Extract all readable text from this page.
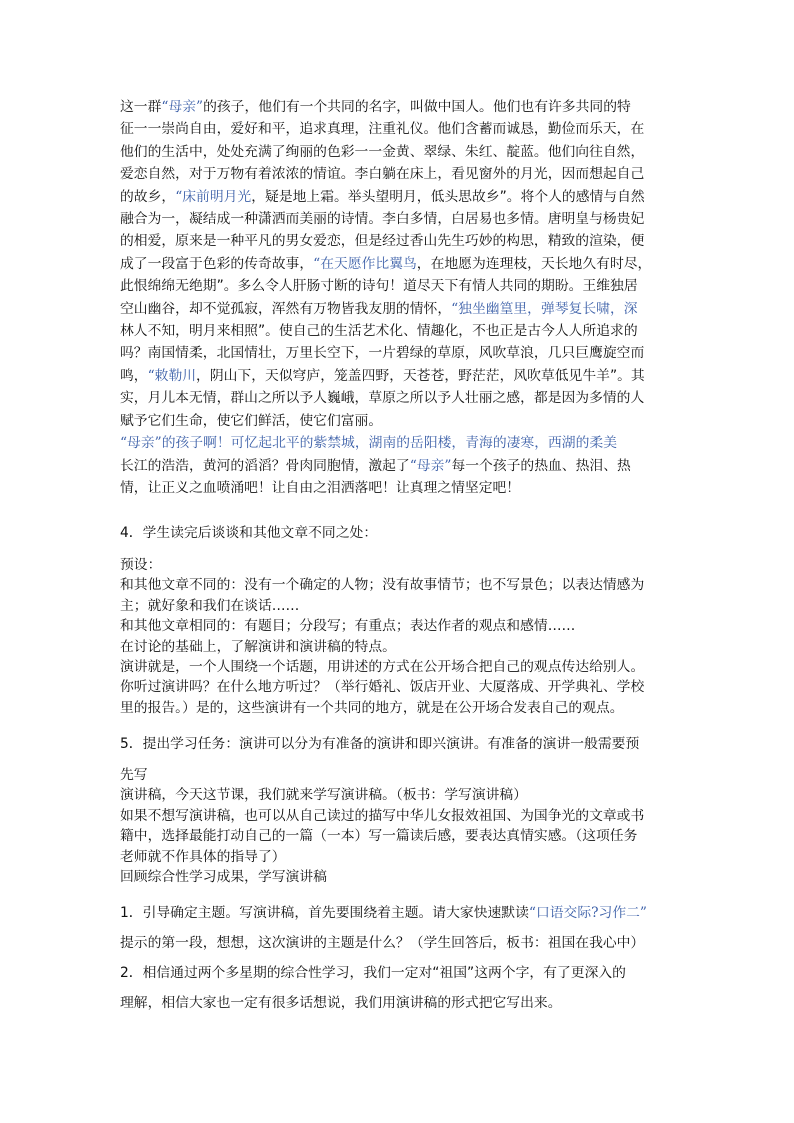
这一群“母亲”的孩子，他们有一个共同的名字，叫做中国人。他们也有许多共同的特
征一一崇尚自由，爱好和平，追求真理，注重礼仪。他们含蓄而诚恳，勤俭而乐天，在
他们的生活中，处处充满了绚丽的色彩一一金黄、翠绿、朱红、靛蓝。他们向往自然，
爱恋自然，对于万物有着浓浓的情谊。李白躺在床上，看见窗外的月光，因而想起自己
的故乡，“床前明月光，疑是地上霜。举头望明月，低头思故乡”。将个人的感情与自然
融合为一，凝结成一种潇洒而美丽的诗情。李白多情，白居易也多情。唐明皇与杨贵妃
的相爱，原来是一种平凡的男女爱恋，但是经过香山先生巧妙的构思，精致的渲染，便
成了一段富于色彩的传奇故事，“在天愿作比翼鸟，在地愿为连理枝，天长地久有时尽，
此恨绵绵无绝期”。多么令人肝肠寸断的诗句！道尽天下有情人共同的期盼。王维独居
空山幽谷，却不觉孤寂，浑然有万物皆我友朋的情怀，“独坐幽篁里，弹琴复长啸，深
林人不知，明月来相照”。使自己的生活艺术化、情趣化，不也正是古今人人所追求的
吗？南国情柔，北国情壮，万里长空下，一片碧绿的草原，风吹草浪，几只巨鹰旋空而
鸣，“敕勒川，阴山下，天似穹庐，笼盖四野，天苍苍，野茫茫，风吹草低见牛羊”。其
实，月儿本无情，群山之所以予人巍峨，草原之所以予人壮丽之感，都是因为多情的人
赋予它们生命，使它们鲜活，使它们富丽。
“母亲”的孩子啊！可忆起北平的紫禁城，湖南的岳阳楼，青海的凄寒，西湖的柔美
长江的浩浩，黄河的滔滔？骨肉同胞情，激起了“母亲”每一个孩子的热血、热泪、热
情，让正义之血喷涌吧！让自由之泪洒落吧！让真理之情坚定吧！
4．学生读完后谈谈和其他文章不同之处：
预设：
和其他文章不同的：没有一个确定的人物；没有故事情节；也不写景色；以表达情感为
主；就好象和我们在谈话……
和其他文章相同的：有题目；分段写；有重点；表达作者的观点和感情……
在讨论的基础上，了解演讲和演讲稿的特点。
演讲就是，一个人围绕一个话题，用讲述的方式在公开场合把自己的观点传达给别人。
你听过演讲吗？在什么地方听过？（举行婚礼、饭店开业、大厦落成、开学典礼、学校
里的报告。）是的，这些演讲有一个共同的地方，就是在公开场合发表自己的观点。
5．提出学习任务：演讲可以分为有准备的演讲和即兴演讲。有准备的演讲一般需要预
先写
演讲稿，今天这节课，我们就来学写演讲稿。（板书：学写演讲稿）
如果不想写演讲稿，也可以从自己读过的描写中华儿女报效祖国、为国争光的文章或书
籍中，选择最能打动自己的一篇（一本）写一篇读后感，要表达真情实感。（这项任务
老师就不作具体的指导了）
回顾综合性学习成果，学写演讲稿
1．引导确定主题。写演讲稿，首先要围绕着主题。请大家快速默读“口语交际?习作二”
提示的第一段，想想，这次演讲的主题是什么？（学生回答后，板书：祖国在我心中）
2．相信通过两个多星期的综合性学习，我们一定对“祖国”这两个字，有了更深入的
理解，相信大家也一定有很多话想说，我们用演讲稿的形式把它写出来。
